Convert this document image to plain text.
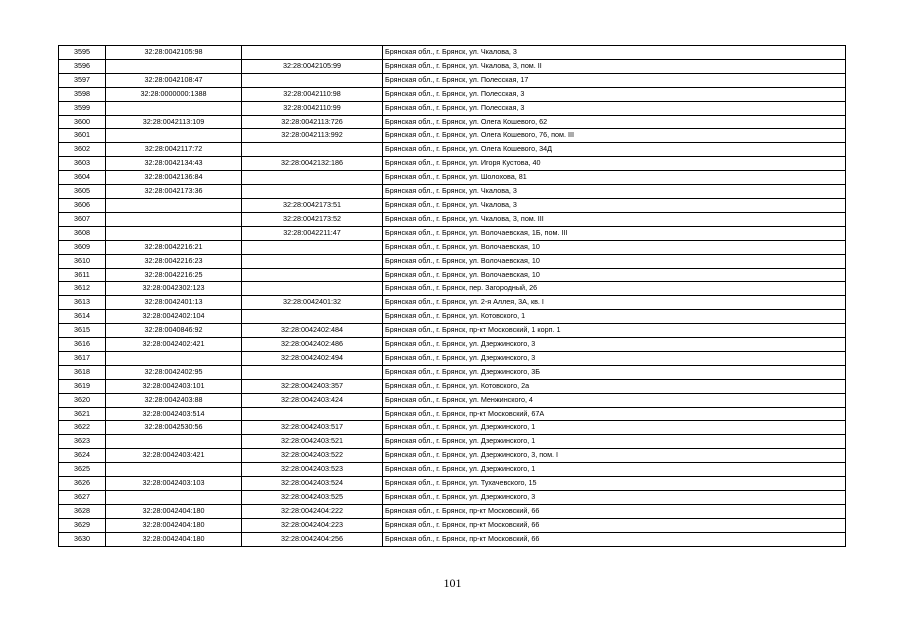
3595	32:28:0042105:98		Брянская обл., г. Брянск, ул. Чкалова, 3
3596		32:28:0042105:99	Брянская обл., г. Брянск, ул. Чкалова, 3, пом. II
3597	32:28:0042108:47		Брянская обл., г. Брянск, ул. Полесская, 17
3598	32:28:0000000:1388	32:28:0042110:98	Брянская обл., г. Брянск, ул. Полесская, 3
3599		32:28:0042110:99	Брянская обл., г. Брянск, ул. Полесская, 3
3600	32:28:0042113:109	32:28:0042113:726	Брянская обл., г. Брянск, ул. Олега Кошевого, 62
3601		32:28:0042113:992	Брянская обл., г. Брянск, ул. Олега Кошевого, 76, пом. III
3602	32:28:0042117:72		Брянская обл., г. Брянск, ул. Олега Кошевого, 34Д
3603	32:28:0042134:43	32:28:0042132:186	Брянская обл., г. Брянск, ул. Игоря Кустова, 40
3604	32:28:0042136:84		Брянская обл., г. Брянск, ул. Шолохова, 81
3605	32:28:0042173:36		Брянская обл., г. Брянск, ул. Чкалова, 3
3606		32:28:0042173:51	Брянская обл., г. Брянск, ул. Чкалова, 3
3607		32:28:0042173:52	Брянская обл., г. Брянск, ул. Чкалова, 3, пом. III
3608		32:28:0042211:47	Брянская обл., г. Брянск, ул. Волочаевская, 1Б, пом. III
3609	32:28:0042216:21		Брянская обл., г. Брянск, ул. Волочаевская, 10
3610	32:28:0042216:23		Брянская обл., г. Брянск, ул. Волочаевская, 10
3611	32:28:0042216:25		Брянская обл., г. Брянск, ул. Волочаевская, 10
3612	32:28:0042302:123		Брянская обл., г. Брянск, пер. Загородный, 26
3613	32:28:0042401:13	32:28:0042401:32	Брянская обл., г. Брянск, ул. 2-я Аллея, 3А, кв. I
3614	32:28:0042402:104		Брянская обл., г. Брянск, ул. Котовского, 1
3615	32:28:0040846:92	32:28:0042402:484	Брянская обл., г. Брянск, пр-кт Московский, 1 корп. 1
3616	32:28:0042402:421	32:28:0042402:486	Брянская обл., г. Брянск, ул. Дзержинского, 3
3617		32:28:0042402:494	Брянская обл., г. Брянск, ул. Дзержинского, 3
3618	32:28:0042402:95		Брянская обл., г. Брянск, ул. Дзержинского, 3Б
3619	32:28:0042403:101	32:28:0042403:357	Брянская обл., г. Брянск, ул. Котовского, 2а
3620	32:28:0042403:88	32:28:0042403:424	Брянская обл., г. Брянск, ул. Менжинского, 4
3621	32:28:0042403:514		Брянская обл., г. Брянск, пр-кт Московский, 67А
3622	32:28:0042530:56	32:28:0042403:517	Брянская обл., г. Брянск, ул. Дзержинского, 1
3623		32:28:0042403:521	Брянская обл., г. Брянск, ул. Дзержинского, 1
3624	32:28:0042403:421	32:28:0042403:522	Брянская обл., г. Брянск, ул. Дзержинского, 3, пом. I
3625		32:28:0042403:523	Брянская обл., г. Брянск, ул. Дзержинского, 1
3626	32:28:0042403:103	32:28:0042403:524	Брянская обл., г. Брянск, ул. Тухачевского, 15
3627		32:28:0042403:525	Брянская обл., г. Брянск, ул. Дзержинского, 3
3628	32:28:0042404:180	32:28:0042404:222	Брянская обл., г. Брянск, пр-кт Московский, 66
3629	32:28:0042404:180	32:28:0042404:223	Брянская обл., г. Брянск, пр-кт Московский, 66
3630	32:28:0042404:180	32:28:0042404:256	Брянская обл., г. Брянск, пр-кт Московский, 66
101
